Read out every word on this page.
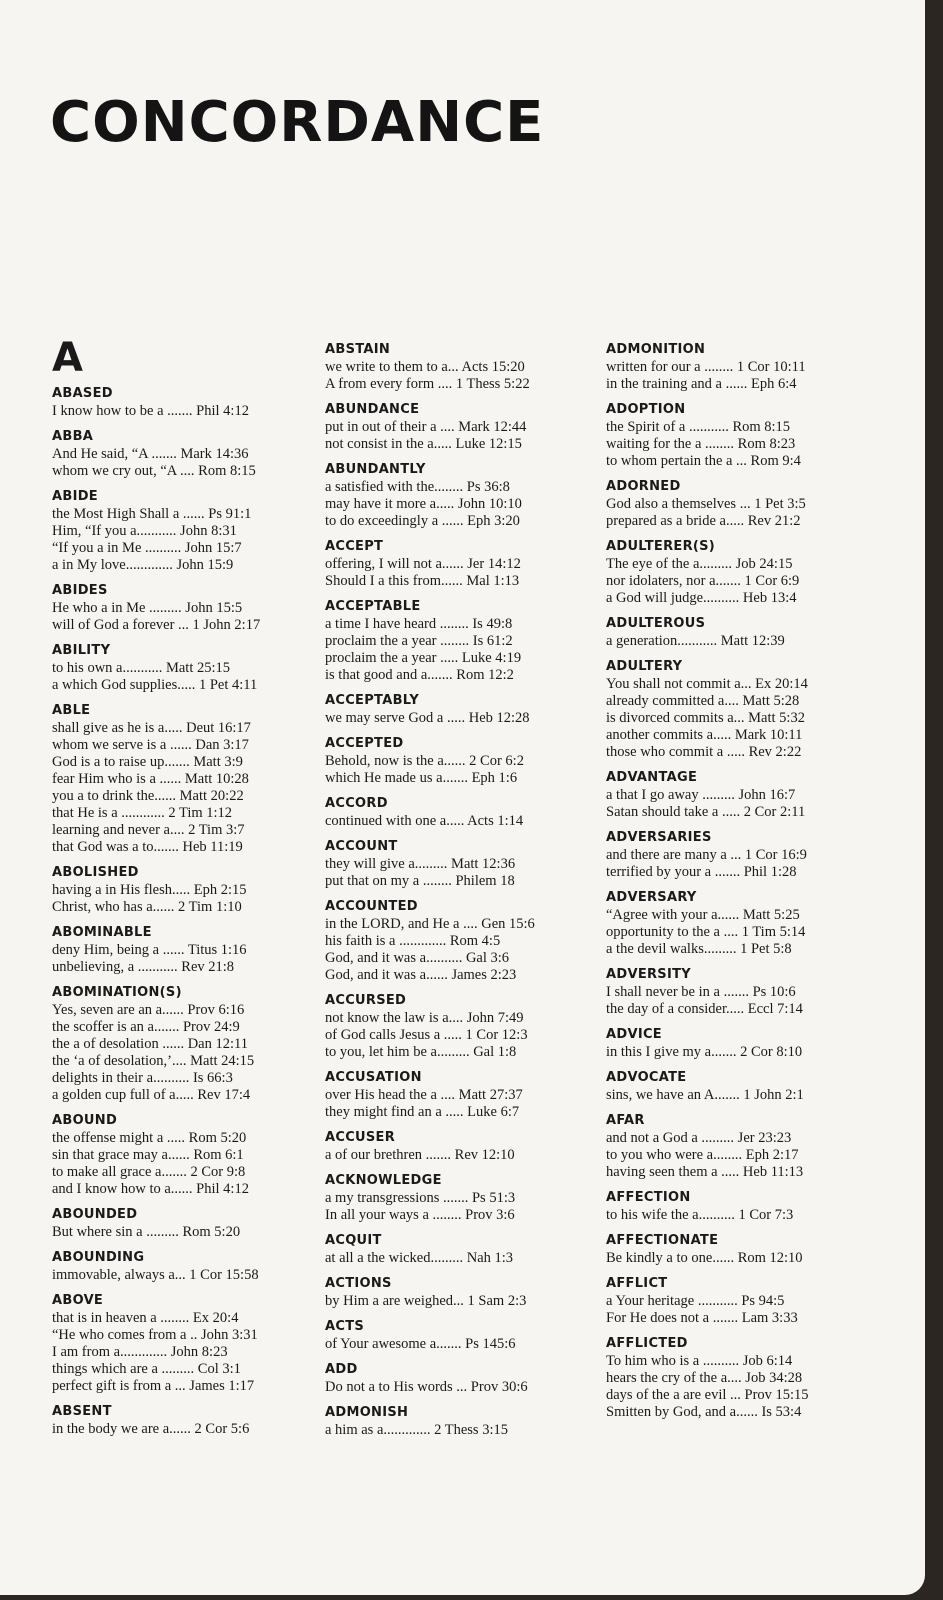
CONCORDANCE
A
ABASED
I know how to be a ....... Phil 4:12
ABBA
And He said, “A ....... Mark 14:36
whom we cry out, “A .... Rom 8:15
ABIDE
the Most High Shall a ...... Ps 91:1
Him, “If you a........... John 8:31
“If you a in Me .......... John 15:7
a in My love............. John 15:9
ABIDES
He who a in Me ......... John 15:5
will of God a forever ... 1 John 2:17
ABILITY
to his own a........... Matt 25:15
a which God supplies..... 1 Pet 4:11
ABLE
shall give as he is a..... Deut 16:17
whom we serve is a ...... Dan 3:17
God is a to raise up....... Matt 3:9
fear Him who is a ...... Matt 10:28
you a to drink the...... Matt 20:22
that He is a ............ 2 Tim 1:12
learning and never a.... 2 Tim 3:7
that God was a to....... Heb 11:19
ABOLISHED
having a in His flesh..... Eph 2:15
Christ, who has a...... 2 Tim 1:10
ABOMINABLE
deny Him, being a ...... Titus 1:16
unbelieving, a ........... Rev 21:8
ABOMINATION(S)
Yes, seven are an a...... Prov 6:16
the scoffer is an a....... Prov 24:9
the a of desolation ...... Dan 12:11
the ‘a of desolation,’.... Matt 24:15
delights in their a.......... Is 66:3
a golden cup full of a..... Rev 17:4
ABOUND
the offense might a ..... Rom 5:20
sin that grace may a...... Rom 6:1
to make all grace a....... 2 Cor 9:8
and I know how to a...... Phil 4:12
ABOUNDED
But where sin a ......... Rom 5:20
ABOUNDING
immovable, always a... 1 Cor 15:58
ABOVE
that is in heaven a ........ Ex 20:4
“He who comes from a .. John 3:31
I am from a............. John 8:23
things which are a ......... Col 3:1
perfect gift is from a ... James 1:17
ABSENT
in the body we are a...... 2 Cor 5:6
ABSTAIN
we write to them to a... Acts 15:20
A from every form .... 1 Thess 5:22
ABUNDANCE
put in out of their a .... Mark 12:44
not consist in the a..... Luke 12:15
ABUNDANTLY
a satisfied with the........ Ps 36:8
may have it more a..... John 10:10
to do exceedingly a ...... Eph 3:20
ACCEPT
offering, I will not a...... Jer 14:12
Should I a this from...... Mal 1:13
ACCEPTABLE
a time I have heard ........ Is 49:8
proclaim the a year ........ Is 61:2
proclaim the a year ..... Luke 4:19
is that good and a....... Rom 12:2
ACCEPTABLY
we may serve God a ..... Heb 12:28
ACCEPTED
Behold, now is the a...... 2 Cor 6:2
which He made us a....... Eph 1:6
ACCORD
continued with one a..... Acts 1:14
ACCOUNT
they will give a......... Matt 12:36
put that on my a ........ Philem 18
ACCOUNTED
in the LORD, and He a .... Gen 15:6
his faith is a ............. Rom 4:5
God, and it was a.......... Gal 3:6
God, and it was a...... James 2:23
ACCURSED
not know the law is a.... John 7:49
of God calls Jesus a ..... 1 Cor 12:3
to you, let him be a......... Gal 1:8
ACCUSATION
over His head the a .... Matt 27:37
they might find an a ..... Luke 6:7
ACCUSER
a of our brethren ....... Rev 12:10
ACKNOWLEDGE
a my transgressions ....... Ps 51:3
In all your ways a ........ Prov 3:6
ACQUIT
at all a the wicked......... Nah 1:3
ACTIONS
by Him a are weighed... 1 Sam 2:3
ACTS
of Your awesome a....... Ps 145:6
ADD
Do not a to His words ... Prov 30:6
ADMONISH
a him as a............. 2 Thess 3:15
ADMONITION
written for our a ........ 1 Cor 10:11
in the training and a ...... Eph 6:4
ADOPTION
the Spirit of a ........... Rom 8:15
waiting for the a ........ Rom 8:23
to whom pertain the a ... Rom 9:4
ADORNED
God also a themselves ... 1 Pet 3:5
prepared as a bride a..... Rev 21:2
ADULTERER(S)
The eye of the a......... Job 24:15
nor idolaters, nor a....... 1 Cor 6:9
a God will judge.......... Heb 13:4
ADULTEROUS
a generation........... Matt 12:39
ADULTERY
You shall not commit a... Ex 20:14
already committed a.... Matt 5:28
is divorced commits a... Matt 5:32
another commits a..... Mark 10:11
those who commit a ..... Rev 2:22
ADVANTAGE
a that I go away ......... John 16:7
Satan should take a ..... 2 Cor 2:11
ADVERSARIES
and there are many a ... 1 Cor 16:9
terrified by your a ....... Phil 1:28
ADVERSARY
“Agree with your a...... Matt 5:25
opportunity to the a .... 1 Tim 5:14
a the devil walks......... 1 Pet 5:8
ADVERSITY
I shall never be in a ....... Ps 10:6
the day of a consider..... Eccl 7:14
ADVICE
in this I give my a....... 2 Cor 8:10
ADVOCATE
sins, we have an A....... 1 John 2:1
AFAR
and not a God a ......... Jer 23:23
to you who were a........ Eph 2:17
having seen them a ..... Heb 11:13
AFFECTION
to his wife the a.......... 1 Cor 7:3
AFFECTIONATE
Be kindly a to one...... Rom 12:10
AFFLICT
a Your heritage ........... Ps 94:5
For He does not a ....... Lam 3:33
AFFLICTED
To him who is a .......... Job 6:14
hears the cry of the a.... Job 34:28
days of the a are evil ... Prov 15:15
Smitten by God, and a...... Is 53:4
